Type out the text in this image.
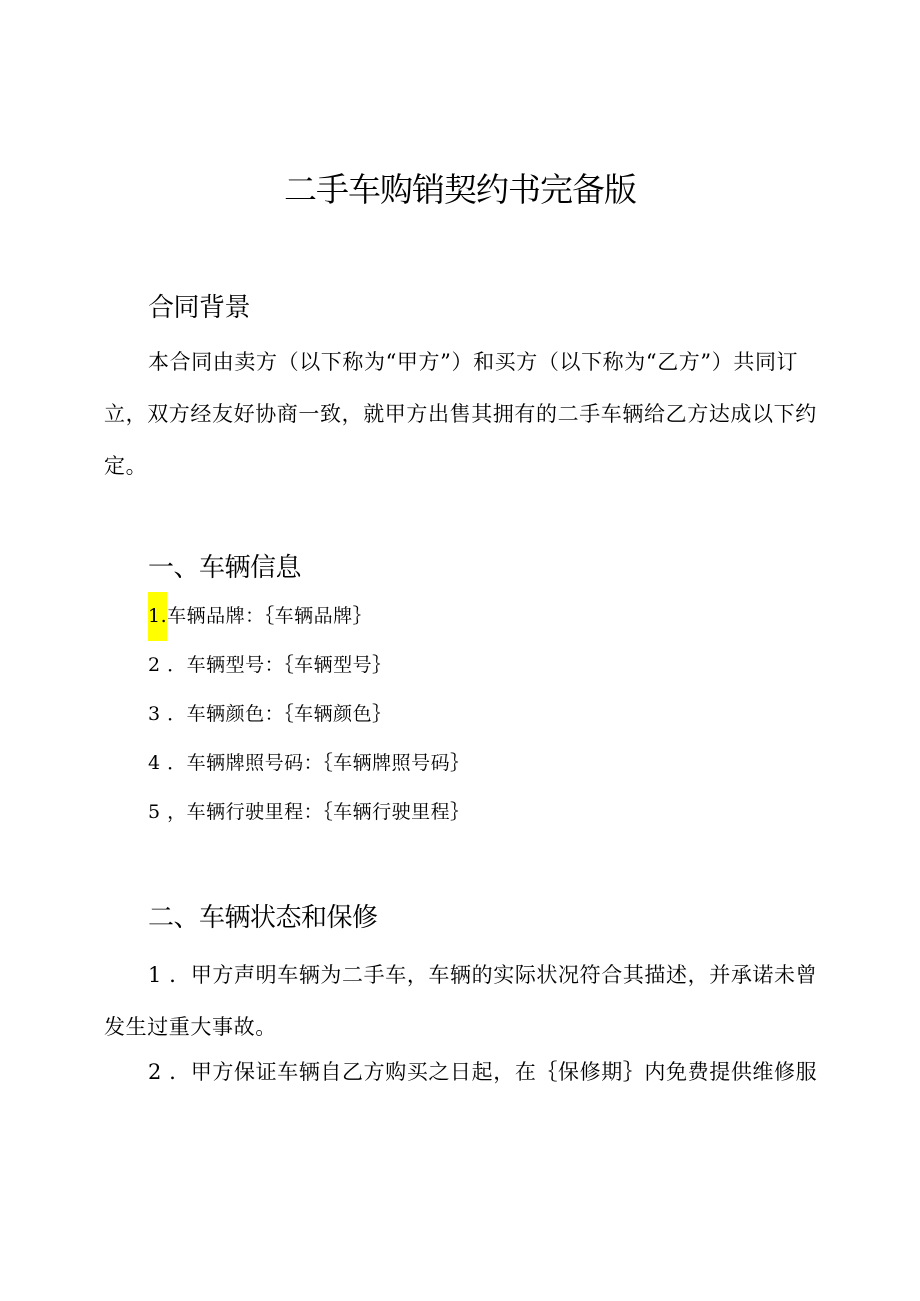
二手车购销契约书完备版
合同背景

本合同由卖方（以下称为“甲方”）和买方（以下称为“乙方”）共同订立，双方经友好协商一致，就甲方出售其拥有的二手车辆给乙方达成以下约定。

一、车辆信息
1.车辆品牌：｛车辆品牌｝
2 ．车辆型号：｛车辆型号｝
3 ．车辆颜色：｛车辆颜色｝
4 ．车辆牌照号码：｛车辆牌照号码｝
5 ，车辆行驶里程：｛车辆行驶里程｝
二、车辆状态和保修

1 ．甲方声明车辆为二手车，车辆的实际状况符合其描述，并承诺未曾发生过重大事故。

2 ．甲方保证车辆自乙方购买之日起，在｛保修期｝内免费提供维修服
